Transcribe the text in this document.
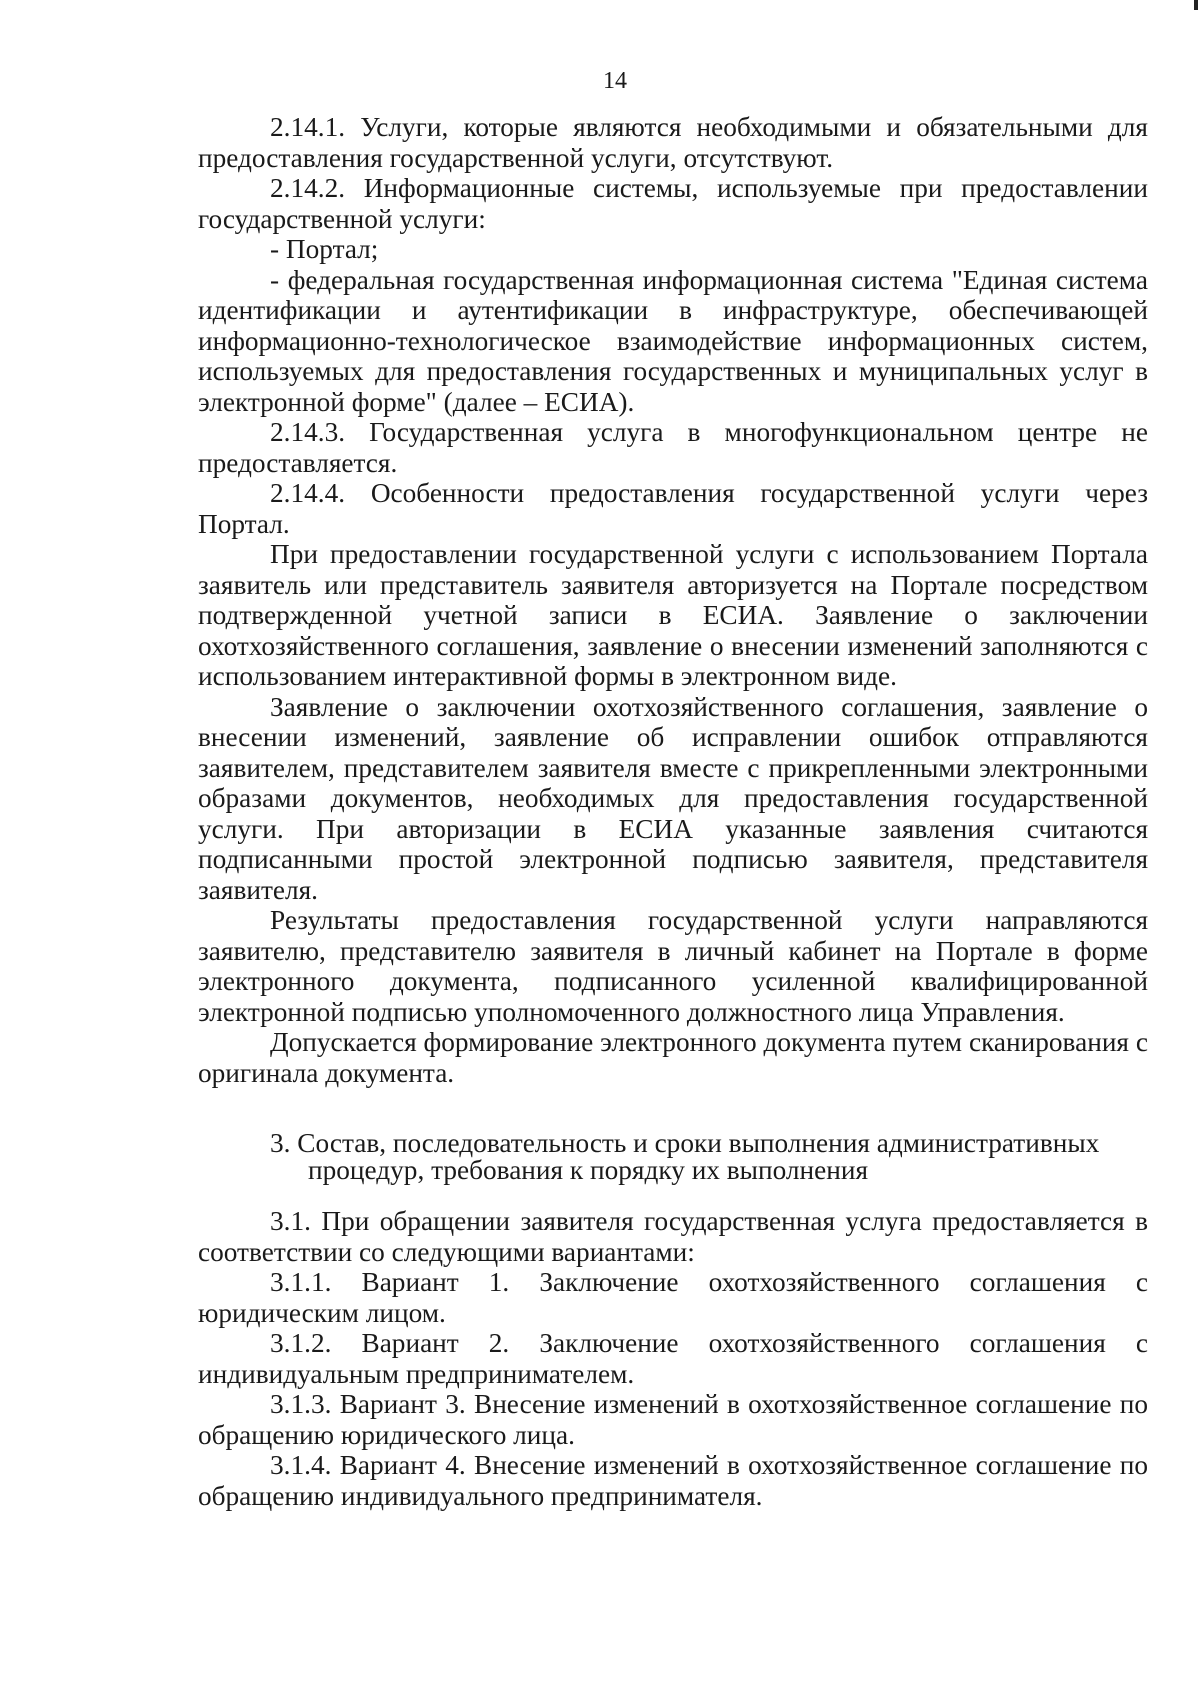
14

2.14.1. Услуги, которые являются необходимыми и обязательными для предоставления государственной услуги, отсутствуют.

2.14.2. Информационные системы, используемые при предоставлении государственной услуги:

- Портал;

- федеральная государственная информационная система "Единая система идентификации и аутентификации в инфраструктуре, обеспечивающей информационно-технологическое взаимодействие информационных систем, используемых для предоставления государственных и муниципальных услуг в электронной форме" (далее – ЕСИА).

2.14.3. Государственная услуга в многофункциональном центре не предоставляется.

2.14.4. Особенности предоставления государственной услуги через Портал.

При предоставлении государственной услуги с использованием Портала заявитель или представитель заявителя авторизуется на Портале посредством подтвержденной учетной записи в ЕСИА. Заявление о заключении охотхозяйственного соглашения, заявление о внесении изменений заполняются с использованием интерактивной формы в электронном виде.

Заявление о заключении охотхозяйственного соглашения, заявление о внесении изменений, заявление об исправлении ошибок отправляются заявителем, представителем заявителя вместе с прикрепленными электронными образами документов, необходимых для предоставления государственной услуги. При авторизации в ЕСИА указанные заявления считаются подписанными простой электронной подписью заявителя, представителя заявителя.

Результаты предоставления государственной услуги направляются заявителю, представителю заявителя в личный кабинет на Портале в форме электронного документа, подписанного усиленной квалифицированной электронной подписью уполномоченного должностного лица Управления.

Допускается формирование электронного документа путем сканирования с оригинала документа.

3. Состав, последовательность и сроки выполнения административных
процедур, требования к порядку их выполнения

3.1. При обращении заявителя государственная услуга предоставляется в соответствии со следующими вариантами:

3.1.1. Вариант 1. Заключение охотхозяйственного соглашения с юридическим лицом.

3.1.2. Вариант 2. Заключение охотхозяйственного соглашения с индивидуальным предпринимателем.

3.1.3. Вариант 3. Внесение изменений в охотхозяйственное соглашение по обращению юридического лица.

3.1.4. Вариант 4. Внесение изменений в охотхозяйственное соглашение по обращению индивидуального предпринимателя.
